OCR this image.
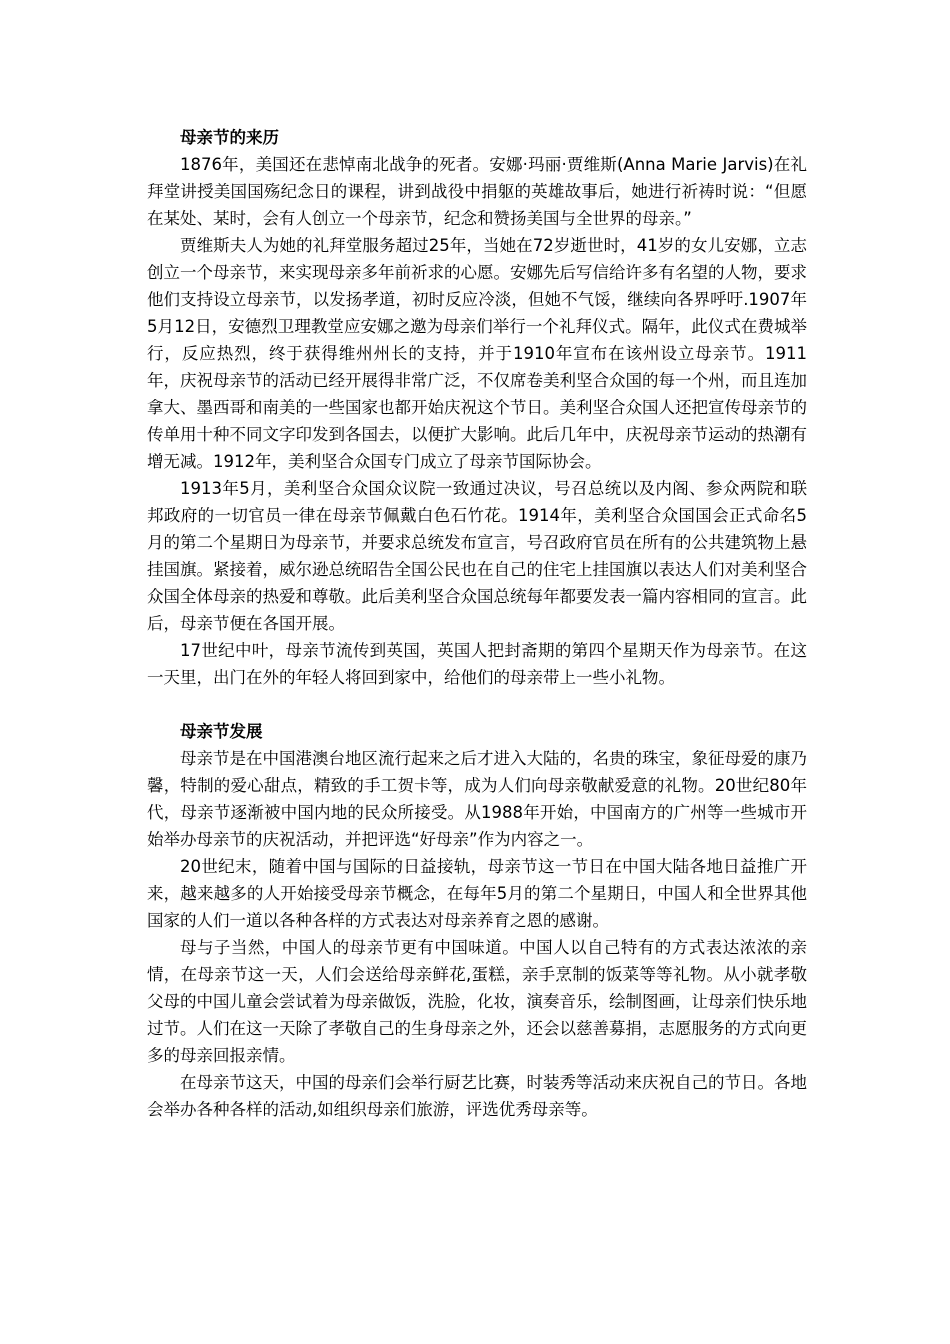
母亲节的来历

1876年，美国还在悲悼南北战争的死者。安娜·玛丽·贾维斯(Anna Marie Jarvis)在礼拜堂讲授美国国殇纪念日的课程，讲到战役中捐躯的英雄故事后，她进行祈祷时说：“但愿在某处、某时，会有人创立一个母亲节，纪念和赞扬美国与全世界的母亲。”

贾维斯夫人为她的礼拜堂服务超过25年，当她在72岁逝世时，41岁的女儿安娜，立志创立一个母亲节，来实现母亲多年前祈求的心愿。安娜先后写信给许多有名望的人物，要求他们支持设立母亲节，以发扬孝道，初时反应冷淡，但她不气馁，继续向各界呼吁.1907年5月12日，安德烈卫理教堂应安娜之邀为母亲们举行一个礼拜仪式。隔年，此仪式在费城举行，反应热烈，终于获得维州州长的支持，并于1910年宣布在该州设立母亲节。1911年，庆祝母亲节的活动已经开展得非常广泛，不仅席卷美利坚合众国的每一个州，而且连加拿大、墨西哥和南美的一些国家也都开始庆祝这个节日。美利坚合众国人还把宣传母亲节的传单用十种不同文字印发到各国去，以便扩大影响。此后几年中，庆祝母亲节运动的热潮有增无减。1912年，美利坚合众国专门成立了母亲节国际协会。

1913年5月，美利坚合众国众议院一致通过决议，号召总统以及内阁、参众两院和联邦政府的一切官员一律在母亲节佩戴白色石竹花。1914年，美利坚合众国国会正式命名5月的第二个星期日为母亲节，并要求总统发布宣言，号召政府官员在所有的公共建筑物上悬挂国旗。紧接着，威尔逊总统昭告全国公民也在自己的住宅上挂国旗以表达人们对美利坚合众国全体母亲的热爱和尊敬。此后美利坚合众国总统每年都要发表一篇内容相同的宣言。此后，母亲节便在各国开展。

17世纪中叶，母亲节流传到英国，英国人把封斋期的第四个星期天作为母亲节。在这一天里，出门在外的年轻人将回到家中，给他们的母亲带上一些小礼物。

母亲节发展

母亲节是在中国港澳台地区流行起来之后才进入大陆的，名贵的珠宝，象征母爱的康乃馨，特制的爱心甜点，精致的手工贺卡等，成为人们向母亲敬献爱意的礼物。20世纪80年代，母亲节逐渐被中国内地的民众所接受。从1988年开始，中国南方的广州等一些城市开始举办母亲节的庆祝活动，并把评选“好母亲”作为内容之一。

20世纪末，随着中国与国际的日益接轨，母亲节这一节日在中国大陆各地日益推广开来，越来越多的人开始接受母亲节概念，在每年5月的第二个星期日，中国人和全世界其他国家的人们一道以各种各样的方式表达对母亲养育之恩的感谢。

母与子当然，中国人的母亲节更有中国味道。中国人以自己特有的方式表达浓浓的亲情，在母亲节这一天，人们会送给母亲鲜花,蛋糕，亲手烹制的饭菜等等礼物。从小就孝敬父母的中国儿童会尝试着为母亲做饭，洗脸，化妆，演奏音乐，绘制图画，让母亲们快乐地过节。人们在这一天除了孝敬自己的生身母亲之外，还会以慈善募捐，志愿服务的方式向更多的母亲回报亲情。

在母亲节这天，中国的母亲们会举行厨艺比赛，时装秀等活动来庆祝自己的节日。各地会举办各种各样的活动,如组织母亲们旅游，评选优秀母亲等。
